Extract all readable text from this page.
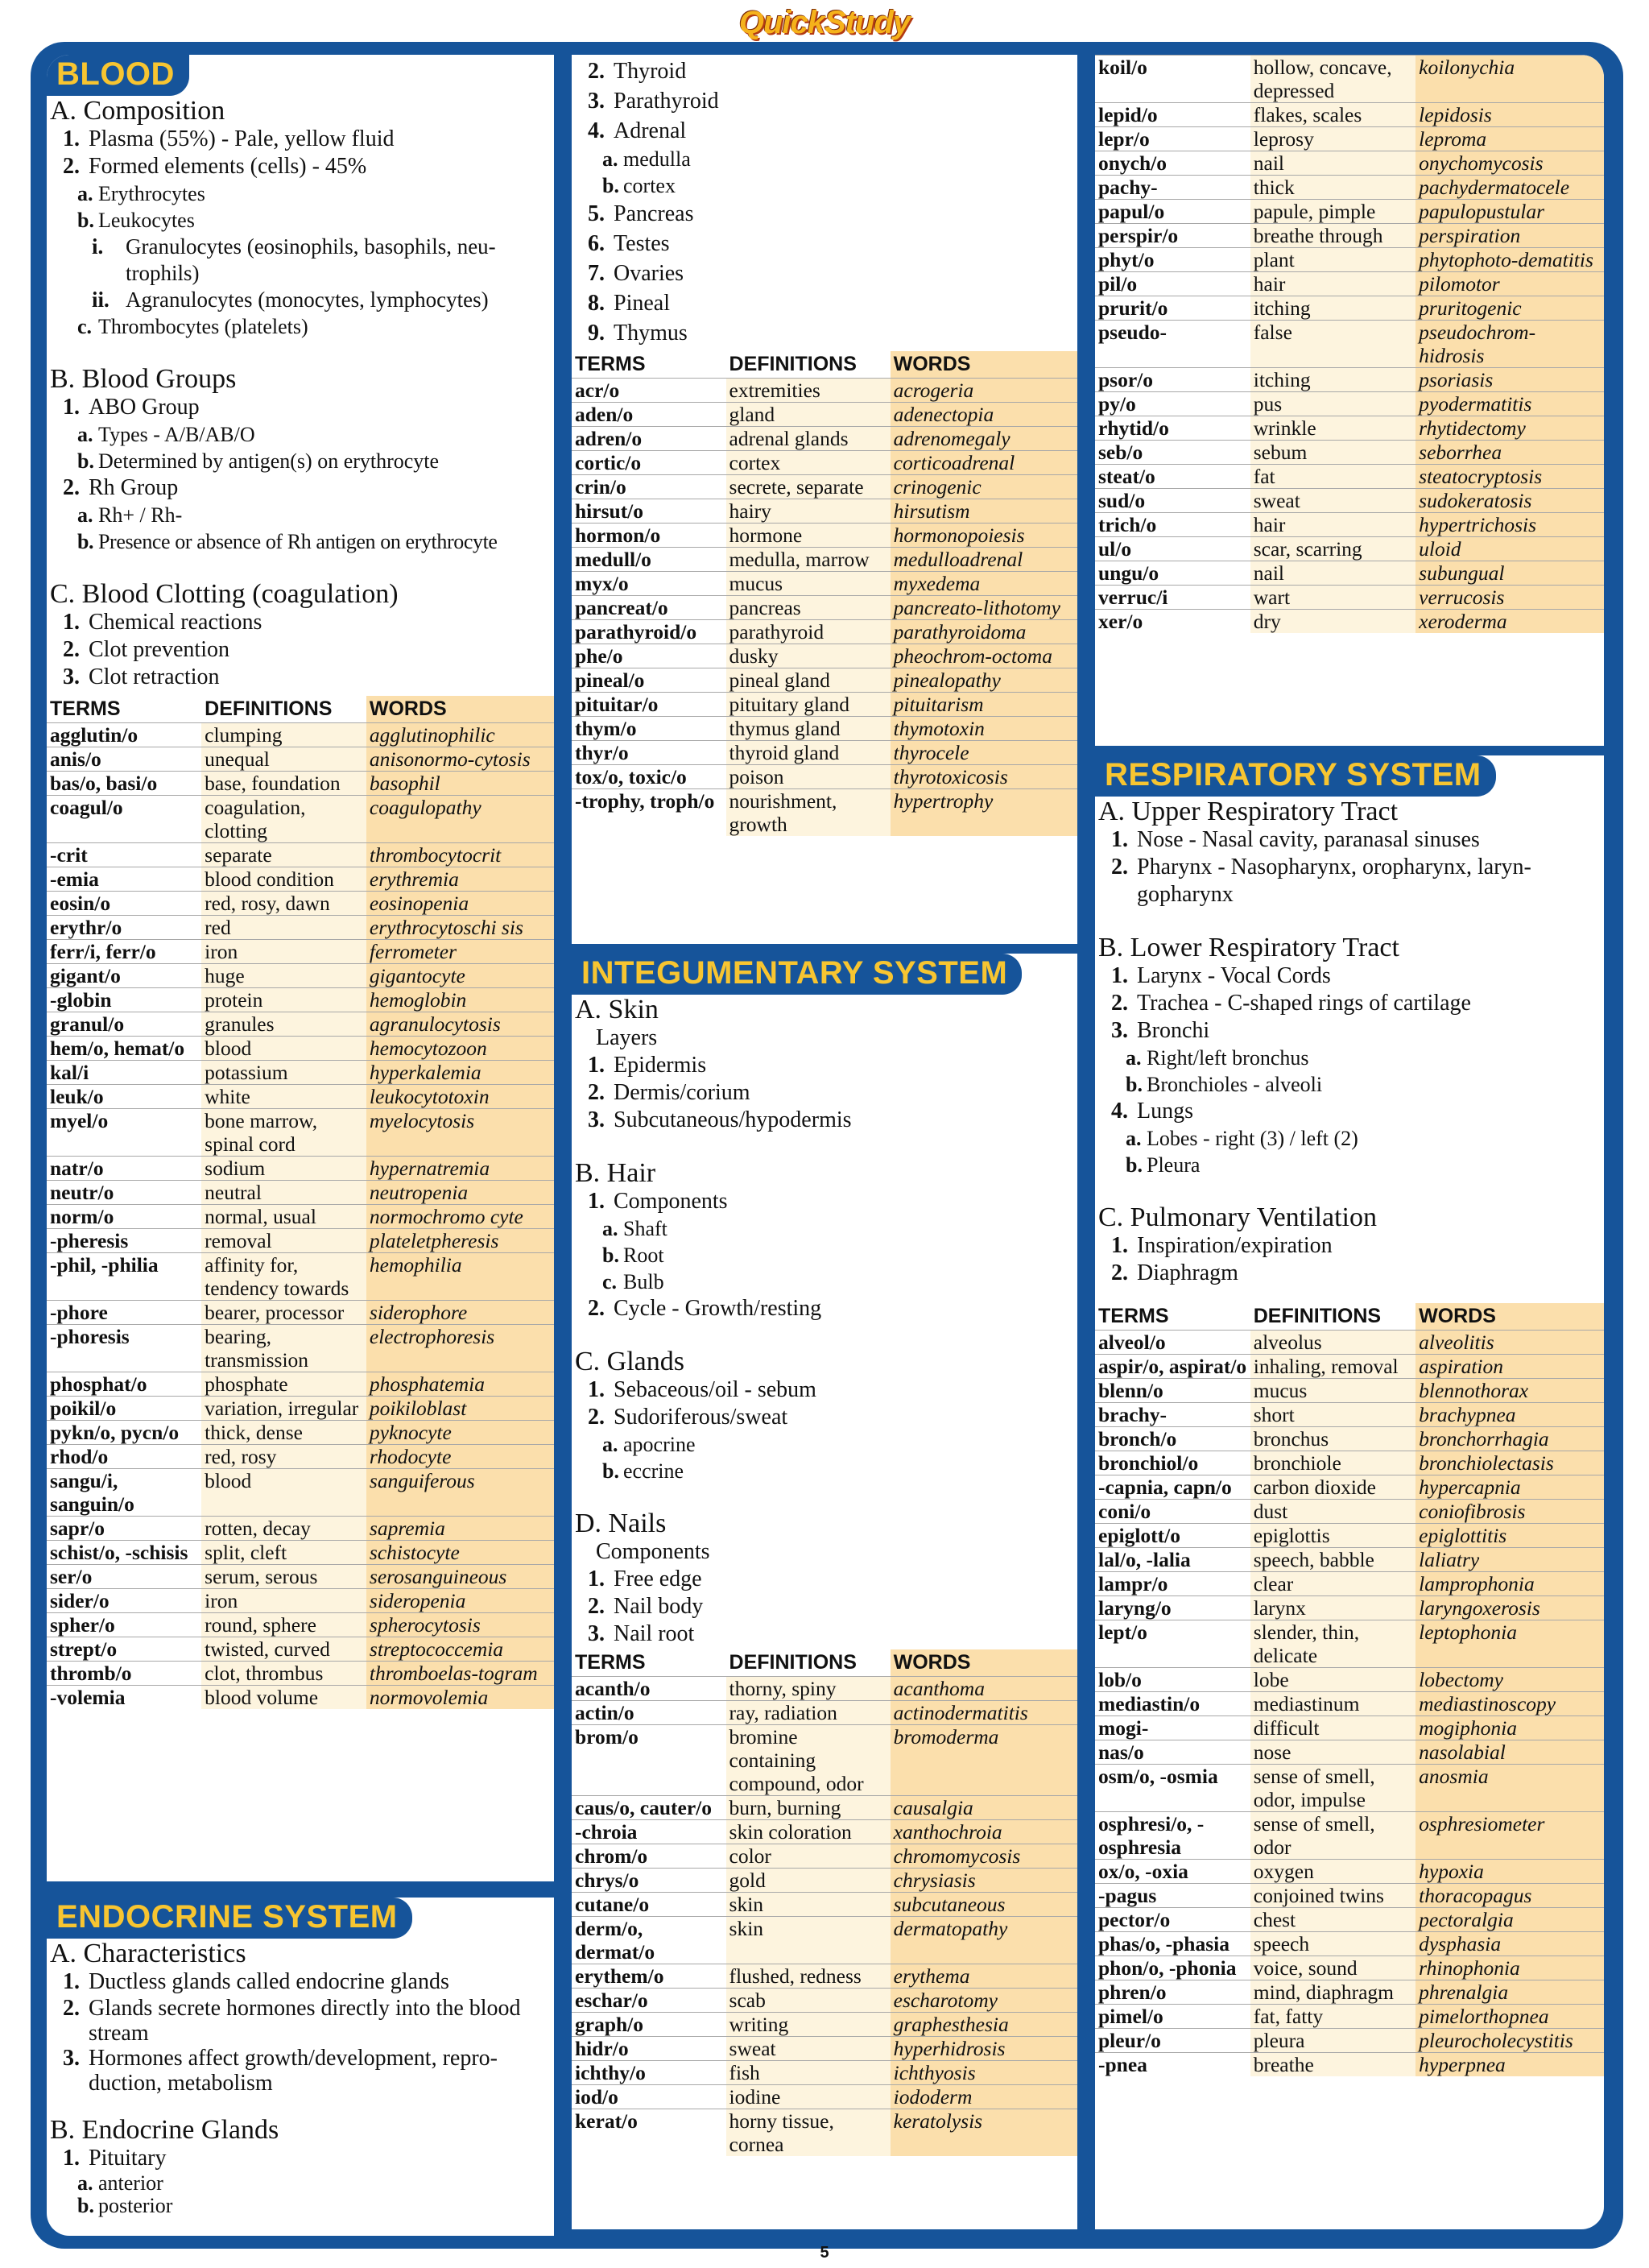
QuickStudy
BLOOD
A. Composition
1. Plasma (55%) - Pale, yellow fluid
2. Formed elements (cells) - 45%
a. Erythrocytes
b. Leukocytes
i.	Granulocytes (eosinophils, basophils, neu-trophils)
ii. Agranulocytes (monocytes, lymphocytes)
c. Thrombocytes (platelets)
B. Blood Groups
1. ABO Group
a. Types - A/B/AB/O
b. Determined by antigen(s) on erythrocyte
2. Rh Group
a. Rh+ / Rh-
b. Presence or absence of Rh antigen on erythrocyte
C. Blood Clotting (coagulation)
1. Chemical reactions
2. Clot prevention
3. Clot retraction
TERMS	DEFINITIONS	WORDS
agglutin/o	clumping	agglutinophilic
anis/o	unequal	anisonormo-cytosis
bas/o, basi/o	base, foundation	basophil
coagul/o	coagulation, clotting	coagulopathy
-crit	separate	thrombocytocrit
-emia	blood condition	erythremia
eosin/o	red, rosy, dawn	eosinopenia
erythr/o	red	erythrocytoschi sis
ferr/i, ferr/o	iron	ferrometer
gigant/o	huge	gigantocyte
-globin	protein	hemoglobin
granul/o	granules	agranulocytosis
hem/o, hemat/o	blood	hemocytozoon
kal/i	potassium	hyperkalemia
leuk/o	white	leukocytotoxin
myel/o	bone marrow, spinal cord	myelocytosis
natr/o	sodium	hypernatremia
neutr/o	neutral	neutropenia
norm/o	normal, usual	normochromo cyte
-pheresis	removal	plateletpheresis
-phil, -philia	affinity for, tendency towards	hemophilia
-phore	bearer, processor	siderophore
-phoresis	bearing, transmission	electrophoresis
phosphat/o	phosphate	phosphatemia
poikil/o	variation, irregular	poikiloblast
pykn/o, pycn/o	thick, dense	pyknocyte
rhod/o	red, rosy	rhodocyte
sangu/i, sanguin/o	blood	sanguiferous
sapr/o	rotten, decay	sapremia
schist/o, -schisis	split, cleft	schistocyte
ser/o	serum, serous	serosanguineous
sider/o	iron	sideropenia
spher/o	round, sphere	spherocytosis
strept/o	twisted, curved	streptococcemia
thromb/o	clot, thrombus	thromboelas-togram
-volemia	blood volume	normovolemia
ENDOCRINE SYSTEM
A. Characteristics
1. Ductless glands called endocrine glands
2. Glands secrete hormones directly into the blood stream
3. Hormones affect growth/development, repro-duction, metabolism
B. Endocrine Glands
1. Pituitary
a. anterior
b. posterior
2. Thyroid
3. Parathyroid
4. Adrenal
a. medulla
b. cortex
5. Pancreas
6. Testes
7. Ovaries
8. Pineal
9. Thymus
TERMS	DEFINITIONS	WORDS
acr/o	extremities	acrogeria
aden/o	gland	adenectopia
adren/o	adrenal glands	adrenomegaly
cortic/o	cortex	corticoadrenal
crin/o	secrete, separate	crinogenic
hirsut/o	hairy	hirsutism
hormon/o	hormone	hormonopoiesis
medull/o	medulla, marrow	medulloadrenal
myx/o	mucus	myxedema
pancreat/o	pancreas	pancreato-lithotomy
parathyroid/o	parathyroid	parathyroidoma
phe/o	dusky	pheochrom-octoma
pineal/o	pineal gland	pinealopathy
pituitar/o	pituitary gland	pituitarism
thym/o	thymus gland	thymotoxin
thyr/o	thyroid gland	thyrocele
tox/o, toxic/o	poison	thyrotoxicosis
-trophy, troph/o	nourishment, growth	hypertrophy
INTEGUMENTARY SYSTEM
A. Skin
Layers
1. Epidermis
2. Dermis/corium
3. Subcutaneous/hypodermis
B. Hair
1. Components
a. Shaft
b. Root
c. Bulb
2. Cycle - Growth/resting
C. Glands
1. Sebaceous/oil - sebum
2. Sudoriferous/sweat
a. apocrine
b. eccrine
D. Nails
Components
1. Free edge
2. Nail body
3. Nail root
TERMS	DEFINITIONS	WORDS
acanth/o	thorny, spiny	acanthoma
actin/o	ray, radiation	actinodermatitis
brom/o	bromine containing compound, odor	bromoderma
caus/o, cauter/o	burn, burning	causalgia
-chroia	skin coloration	xanthochroia
chrom/o	color	chromomycosis
chrys/o	gold	chrysiasis
cutane/o	skin	subcutaneous
derm/o, dermat/o	skin	dermatopathy
erythem/o	flushed, redness	erythema
eschar/o	scab	escharotomy
graph/o	writing	graphesthesia
hidr/o	sweat	hyperhidrosis
ichthy/o	fish	ichthyosis
iod/o	iodine	iododerm
kerat/o	horny tissue, cornea	keratolysis
koil/o	hollow, concave, depressed	koilonychia
lepid/o	flakes, scales	lepidosis
lepr/o	leprosy	leproma
onych/o	nail	onychomycosis
pachy-	thick	pachydermatocele
papul/o	papule, pimple	papulopustular
perspir/o	breathe through	perspiration
phyt/o	plant	phytophoto-dematitis
pil/o	hair	pilomotor
prurit/o	itching	pruritogenic
pseudo-	false	pseudochrom-hidrosis
psor/o	itching	psoriasis
py/o	pus	pyodermatitis
rhytid/o	wrinkle	rhytidectomy
seb/o	sebum	seborrhea
steat/o	fat	steatocryptosis
sud/o	sweat	sudokeratosis
trich/o	hair	hypertrichosis
ul/o	scar, scarring	uloid
ungu/o	nail	subungual
verruc/i	wart	verrucosis
xer/o	dry	xeroderma
RESPIRATORY SYSTEM
A. Upper Respiratory Tract
1. Nose - Nasal cavity, paranasal sinuses
2. Pharynx - Nasopharynx, oropharynx, laryn-gopharynx
B. Lower Respiratory Tract
1. Larynx - Vocal Cords
2. Trachea - C-shaped rings of cartilage
3. Bronchi
a. Right/left bronchus
b. Bronchioles - alveoli
4. Lungs
a. Lobes - right (3) / left (2)
b. Pleura
C. Pulmonary Ventilation
1. Inspiration/expiration
2. Diaphragm
TERMS	DEFINITIONS	WORDS
alveol/o	alveolus	alveolitis
aspir/o, aspirat/o	inhaling, removal	aspiration
blenn/o	mucus	blennothorax
brachy-	short	brachypnea
bronch/o	bronchus	bronchorrhagia
bronchiol/o	bronchiole	bronchiolectasis
-capnia, capn/o	carbon dioxide	hypercapnia
coni/o	dust	coniofibrosis
epiglott/o	epiglottis	epiglottitis
lal/o, -lalia	speech, babble	laliatry
lampr/o	clear	lamprophonia
laryng/o	larynx	laryngoxerosis
lept/o	slender, thin, delicate	leptophonia
lob/o	lobe	lobectomy
mediastin/o	mediastinum	mediastinoscopy
mogi-	difficult	mogiphonia
nas/o	nose	nasolabial
osm/o, -osmia	sense of smell, odor, impulse	anosmia
osphresi/o, -osphresia	sense of smell, odor	osphresiometer
ox/o, -oxia	oxygen	hypoxia
-pagus	conjoined twins	thoracopagus
pector/o	chest	pectoralgia
phas/o, -phasia	speech	dysphasia
phon/o, -phonia	voice, sound	rhinophonia
phren/o	mind, diaphragm	phrenalgia
pimel/o	fat, fatty	pimelorthopnea
pleur/o	pleura	pleurocholecystitis
-pnea	breathe	hyperpnea
5
